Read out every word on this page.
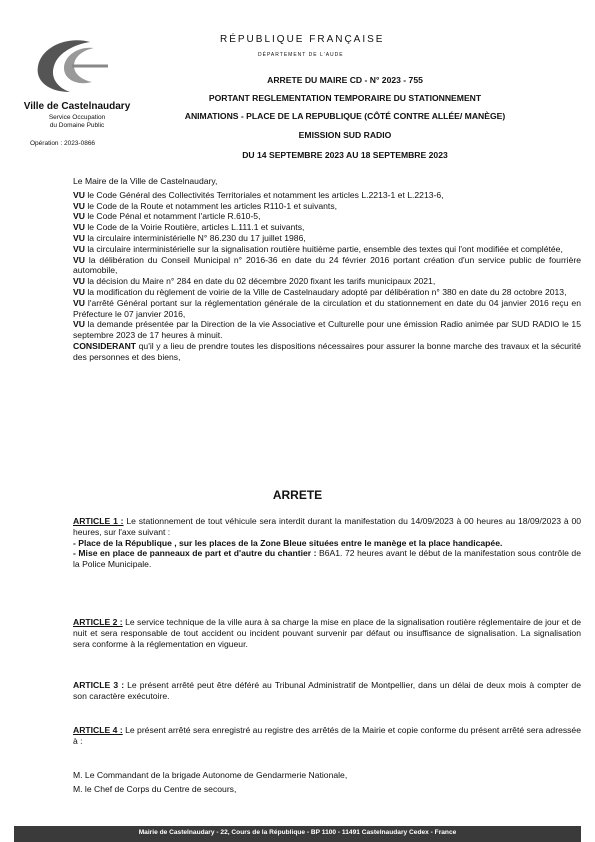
Ville de Castelnaudary
Service Occupation
du Domaine Public
Opération : 2023-0866
RÉPUBLIQUE FRANÇAISE
DÉPARTEMENT DE L'AUDE
ARRETE DU MAIRE CD - N° 2023 - 755
PORTANT REGLEMENTATION TEMPORAIRE DU STATIONNEMENT
ANIMATIONS - PLACE DE LA REPUBLIQUE (CÔTÉ CONTRE ALLÉE/ MANÈGE)
EMISSION SUD RADIO
DU 14 SEPTEMBRE 2023 AU 18 SEPTEMBRE 2023

Le Maire de la Ville de Castelnaudary,

VU le Code Général des Collectivités Territoriales et notamment les articles L.2213-1 et L.2213-6,

VU le Code de la Route et notamment les articles R110-1 et suivants,

VU le Code Pénal et notamment l'article R.610-5,

VU le Code de la Voirie Routière, articles L.111.1 et suivants,

VU la circulaire interministérielle N° 86.230 du 17 juillet 1986,

VU la circulaire interministérielle sur la signalisation routière huitième partie, ensemble des textes qui l'ont modifiée et complétée,

VU la délibération du Conseil Municipal n° 2016-36 en date du 24 février 2016 portant création d'un service public de fourrière automobile,

VU la décision du Maire n° 284 en date du 02 décembre 2020 fixant les tarifs municipaux 2021,

VU la modification du règlement de voirie de la Ville de Castelnaudary adopté par délibération n° 380 en date du 28 octobre 2013,

VU l'arrêté Général portant sur la réglementation générale de la circulation et du stationnement en date du 04 janvier 2016 reçu en Préfecture le 07 janvier 2016,

VU la demande présentée par la Direction de la vie Associative et Culturelle pour une émission Radio animée par SUD RADIO le 15 septembre 2023 de 17 heures à minuit.

CONSIDERANT qu'il y a lieu de prendre toutes les dispositions nécessaires pour assurer la bonne marche des travaux et la sécurité des personnes et des biens,

ARRETE

ARTICLE 1 : Le stationnement de tout véhicule sera interdit durant la manifestation du 14/09/2023 à 00 heures au 18/09/2023 à 00 heures, sur l'axe suivant :

- Place de la République , sur les places de la Zone Bleue situées entre le manège et la place handicapée.

- Mise en place de panneaux de part et d'autre du chantier : B6A1. 72 heures avant le début de la manifestation sous contrôle de la Police Municipale.

ARTICLE 2 : Le service technique de la ville aura à sa charge la mise en place de la signalisation routière réglementaire de jour et de nuit et sera responsable de tout accident ou incident pouvant survenir par défaut ou insuffisance de signalisation. La signalisation sera conforme à la réglementation en vigueur.

ARTICLE 3 : Le présent arrêté peut être déféré au Tribunal Administratif de Montpellier, dans un délai de deux mois à compter de son caractère exécutoire.

ARTICLE 4 : Le présent arrêté sera enregistré au registre des arrêtés de la Mairie et copie conforme du présent arrêté sera adressée à :

M. Le Commandant de la brigade Autonome de Gendarmerie Nationale,

M. le Chef de Corps du Centre de secours,

Mairie de Castelnaudary - 22, Cours de la République - BP 1100 - 11491 Castelnaudary Cedex - France
